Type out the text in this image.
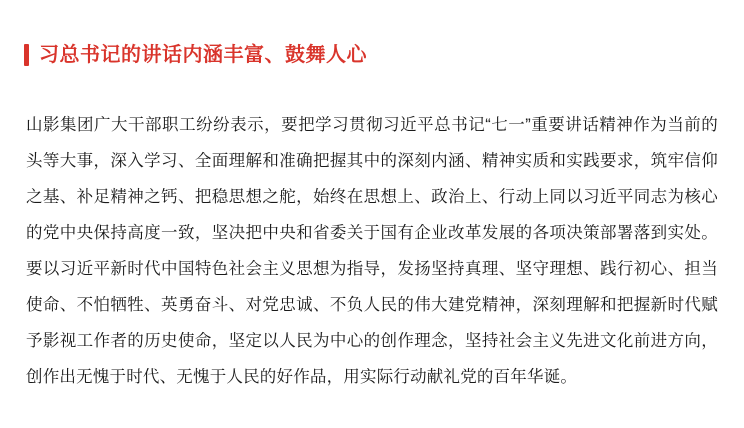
习总书记的讲话内涵丰富、鼓舞人心

山影集团广大干部职工纷纷表示，要把学习贯彻习近平总书记“七一”重要讲话精神作为当前的头等大事，深入学习、全面理解和准确把握其中的深刻内涵、精神实质和实践要求，筑牢信仰之基、补足精神之钙、把稳思想之舵，始终在思想上、政治上、行动上同以习近平同志为核心的党中央保持高度一致，坚决把中央和省委关于国有企业改革发展的各项决策部署落到实处。要以习近平新时代中国特色社会主义思想为指导，发扬坚持真理、坚守理想、践行初心、担当使命、不怕牺牲、英勇奋斗、对党忠诚、不负人民的伟大建党精神，深刻理解和把握新时代赋予影视工作者的历史使命，坚定以人民为中心的创作理念，坚持社会主义先进文化前进方向，创作出无愧于时代、无愧于人民的好作品，用实际行动献礼党的百年华诞。
